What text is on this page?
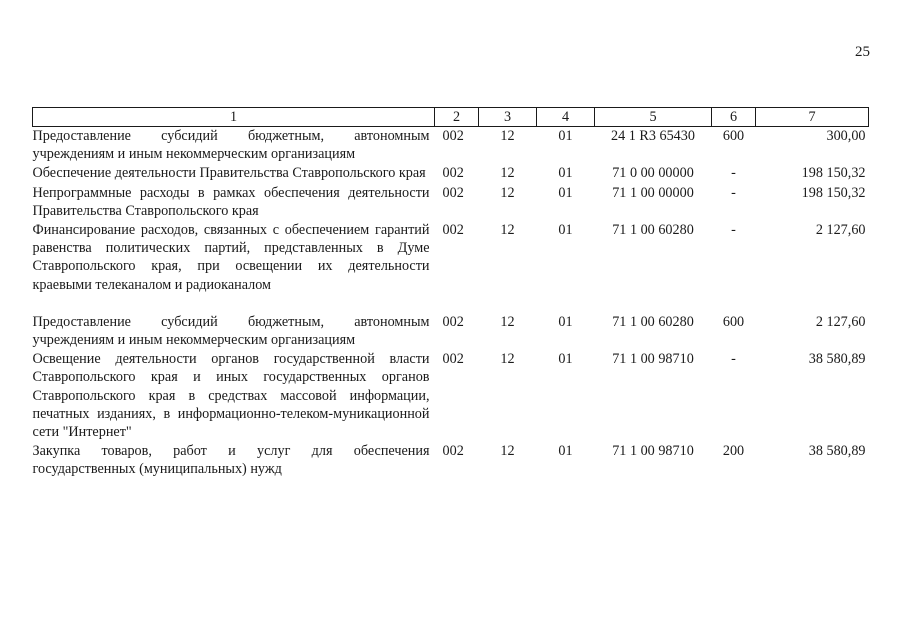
25
1	2	3	4	5	6	7
Предоставление субсидий бюджетным, автономным учреждениям и иным некоммерческим организациям	002	12	01	24 1 R3 65430	600	300,00
Обеспечение деятельности Правительства Ставропольского края	002	12	01	71 0 00 00000	-	198 150,32
Непрограммные расходы в рамках обеспечения деятельности Правительства Ставропольского края	002	12	01	71 1 00 00000	-	198 150,32
Финансирование расходов, связанных с обеспечением гарантий равенства политических партий, представленных в Думе Ставропольского края, при освещении их деятельности краевыми телеканалом и радиоканалом	002	12	01	71 1 00 60280	-	2 127,60

Предоставление субсидий бюджетным, автономным учреждениям и иным некоммерческим организациям	002	12	01	71 1 00 60280	600	2 127,60
Освещение деятельности органов государственной власти Ставропольского края и иных государственных органов Ставропольского края в средствах массовой информации, печатных изданиях, в информационно-телеком-муникационной сети "Интернет"	002	12	01	71 1 00 98710	-	38 580,89
Закупка товаров, работ и услуг для обеспечения государственных (муниципальных) нужд	002	12	01	71 1 00 98710	200	38 580,89
